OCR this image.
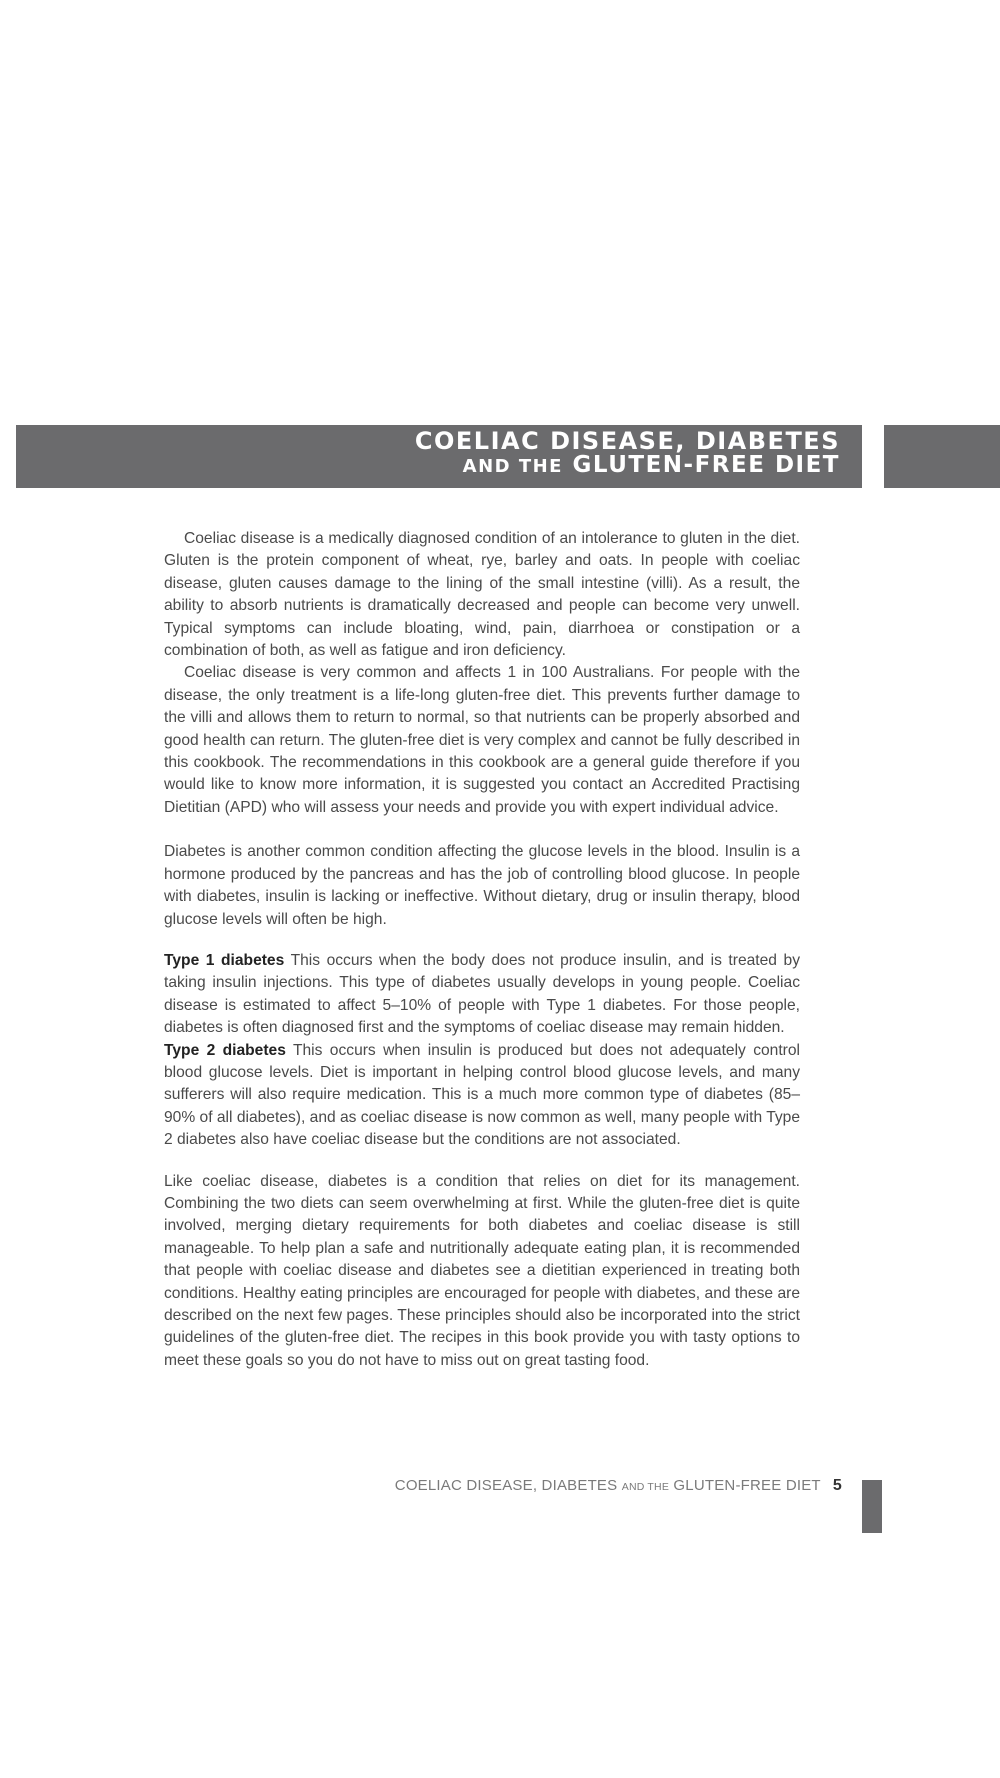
COELIAC DISEASE, DIABETES
AND THE GLUTEN-FREE DIET

Coeliac disease is a medically diagnosed condition of an intolerance to gluten in the diet. Gluten is the protein component of wheat, rye, barley and oats. In people with coeliac disease, gluten causes damage to the lining of the small intestine (villi). As a result, the ability to absorb nutrients is dramatically decreased and people can become very unwell. Typical symptoms can include bloating, wind, pain, diarrhoea or constipation or a combination of both, as well as fatigue and iron deficiency.

Coeliac disease is very common and affects 1 in 100 Australians. For people with the disease, the only treatment is a life-long gluten-free diet. This prevents further damage to the villi and allows them to return to normal, so that nutrients can be properly absorbed and good health can return. The gluten-free diet is very complex and cannot be fully described in this cookbook. The recommendations in this cookbook are a general guide therefore if you would like to know more information, it is suggested you contact an Accredited Practising Dietitian (APD) who will assess your needs and provide you with expert individual advice.

Diabetes is another common condition affecting the glucose levels in the blood. Insulin is a hormone produced by the pancreas and has the job of controlling blood glucose. In people with diabetes, insulin is lacking or ineffective. Without dietary, drug or insulin therapy, blood glucose levels will often be high.

Type 1 diabetes This occurs when the body does not produce insulin, and is treated by taking insulin injections. This type of diabetes usually develops in young people. Coeliac disease is estimated to affect 5–10% of people with Type 1 diabetes. For those people, diabetes is often diagnosed first and the symptoms of coeliac disease may remain hidden.

Type 2 diabetes This occurs when insulin is produced but does not adequately control blood glucose levels. Diet is important in helping control blood glucose levels, and many sufferers will also require medication. This is a much more common type of diabetes (85–90% of all diabetes), and as coeliac disease is now common as well, many people with Type 2 diabetes also have coeliac disease but the conditions are not associated.

Like coeliac disease, diabetes is a condition that relies on diet for its management. Combining the two diets can seem overwhelming at first. While the gluten-free diet is quite involved, merging dietary requirements for both diabetes and coeliac disease is still manageable. To help plan a safe and nutritionally adequate eating plan, it is recommended that people with coeliac disease and diabetes see a dietitian experienced in treating both conditions. Healthy eating principles are encouraged for people with diabetes, and these are described on the next few pages. These principles should also be incorporated into the strict guidelines of the gluten-free diet. The recipes in this book provide you with tasty options to meet these goals so you do not have to miss out on great tasting food.

COELIAC DISEASE, DIABETES AND THE GLUTEN-FREE DIET 5
